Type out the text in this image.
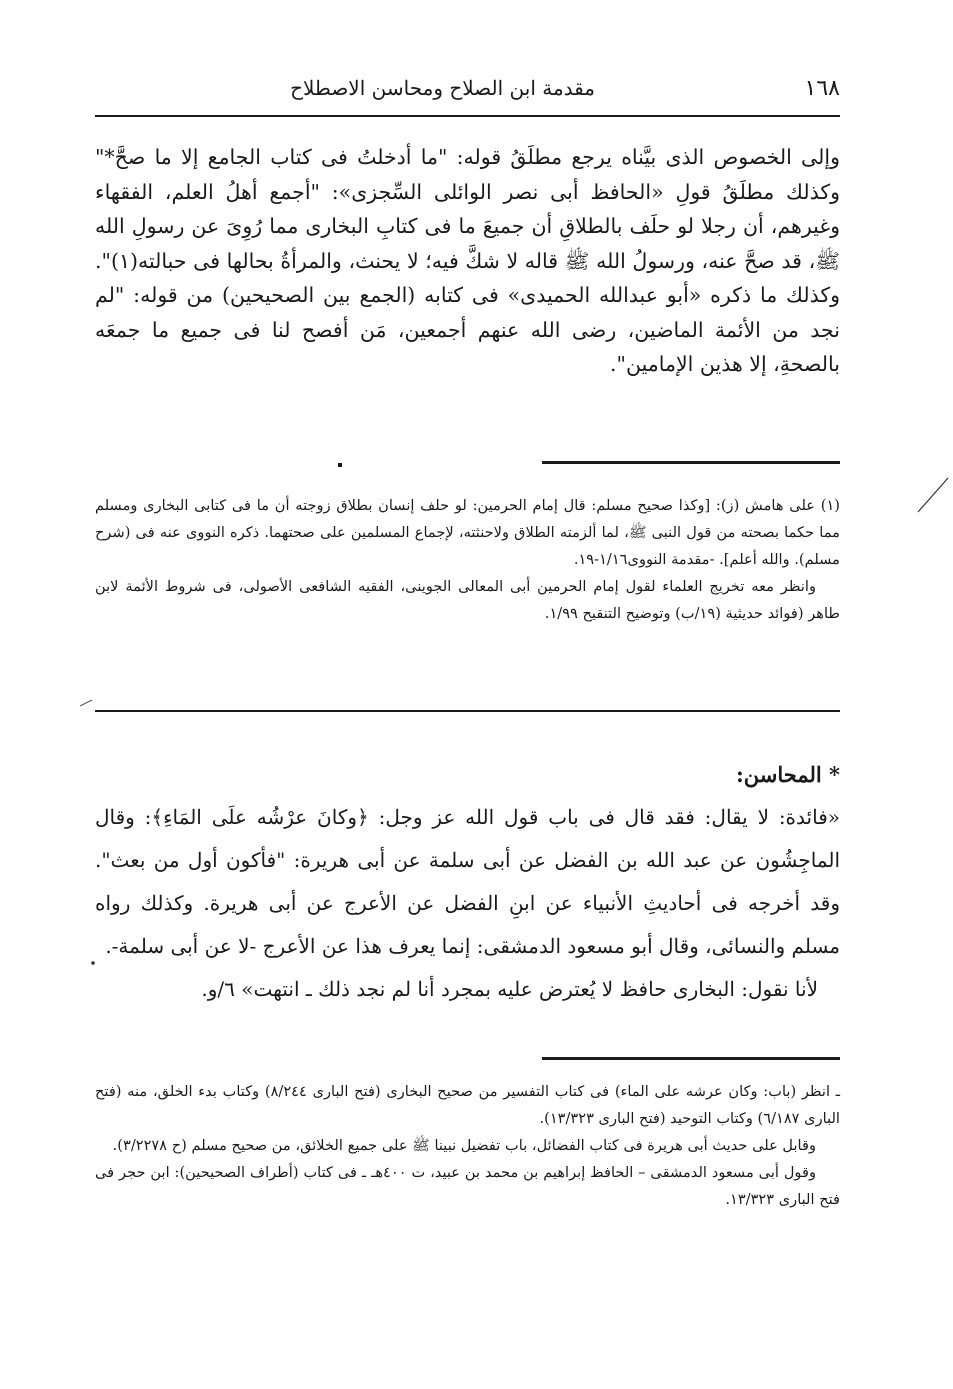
١٦٨
مقدمة ابن الصلاح ومحاسن الاصطلاح

وإلى الخصوص الذى بيَّناه يرجع مطلَقُ قوله: "ما أدخلتُ فى كتاب الجامع إلا ما صحَّ*" وكذلك مطلَقُ قولِ «الحافظ أبى نصر الوائلى السِّجزى»: "أجمع أهلُ العلم، الفقهاء وغيرهم، أن رجلا لو حلَف بالطلاقِ أن جميعَ ما فى كتابِ البخارى مما رُوِىَ عن رسولِ الله ﷺ، قد صحَّ عنه، ورسولُ الله ﷺ قاله لا شكَّ فيه؛ لا يحنث، والمرأةُ بحالها فى حبالته(١)". وكذلك ما ذكره «أبو عبدالله الحميدى» فى كتابه (الجمع بين الصحيحين) من قوله: "لم نجد من الأئمة الماضين، رضى الله عنهم أجمعين، مَن أفصح لنا فى جميع ما جمعَه بالصحةِ، إلا هذين الإمامين".

(١) على هامش (ز): [وكذا صحيح مسلم: قال إمام الحرمين: لو حلف إنسان بطلاق زوجته أن ما فى كتابى البخارى ومسلم مما حكما بصحته من قول النبى ﷺ، لما ألزمته الطلاق ولاحنثته، لإجماع المسلمين على صحتهما. ذكره النووى عنه فى (شرح مسلم). والله أعلم]. -مقدمة النووى١/١٦-١٩.

وانظر معه تخريج العلماء لقول إمام الحرمين أبى المعالى الجوينى، الفقيه الشافعى الأصولى، فى شروط الأئمة لابن طاهر (فوائد حديثية (١٩/ب) وتوضيح التنقيح ١/٩٩.

* المحاسن:

«فائدة: لا يقال: فقد قال فى باب قول الله عز وجل: ﴿وكانَ عرْشُه علَى المَاءِ﴾: وقال الماجِشُون عن عبد الله بن الفضل عن أبى سلمة عن أبى هريرة: "فأكون أول من بعث". وقد أخرجه فى أحاديثِ الأنبياء عن ابنِ الفضل عن الأعرج عن أبى هريرة. وكذلك رواه مسلم والنسائى، وقال أبو مسعود الدمشقى: إنما يعرف هذا عن الأعرج -لا عن أبى سلمة-.

لأنا نقول: البخارى حافظ لا يُعترض عليه بمجرد أنا لم نجد ذلك ـ انتهت» ٦/و.

ـ انظر (باب: وكان عرشه على الماء) فى كتاب التفسير من صحيح البخارى (فتح البارى ٨/٢٤٤) وكتاب بدء الخلق، منه (فتح البارى ٦/١٨٧) وكتاب التوحيد (فتح البارى ١٣/٣٢٣).

وقابل على حديث أبى هريرة فى كتاب الفضائل، باب تفضيل نبينا ﷺ على جميع الخلائق، من صحيح مسلم (ح ٣/٢٢٧٨).

وقول أبى مسعود الدمشقى – الحافظ إبراهيم بن محمد بن عبيد، ت ٤٠٠هـ ـ فى كتاب (أطراف الصحيحين): ابن حجر فى فتح البارى ١٣/٣٢٣.
